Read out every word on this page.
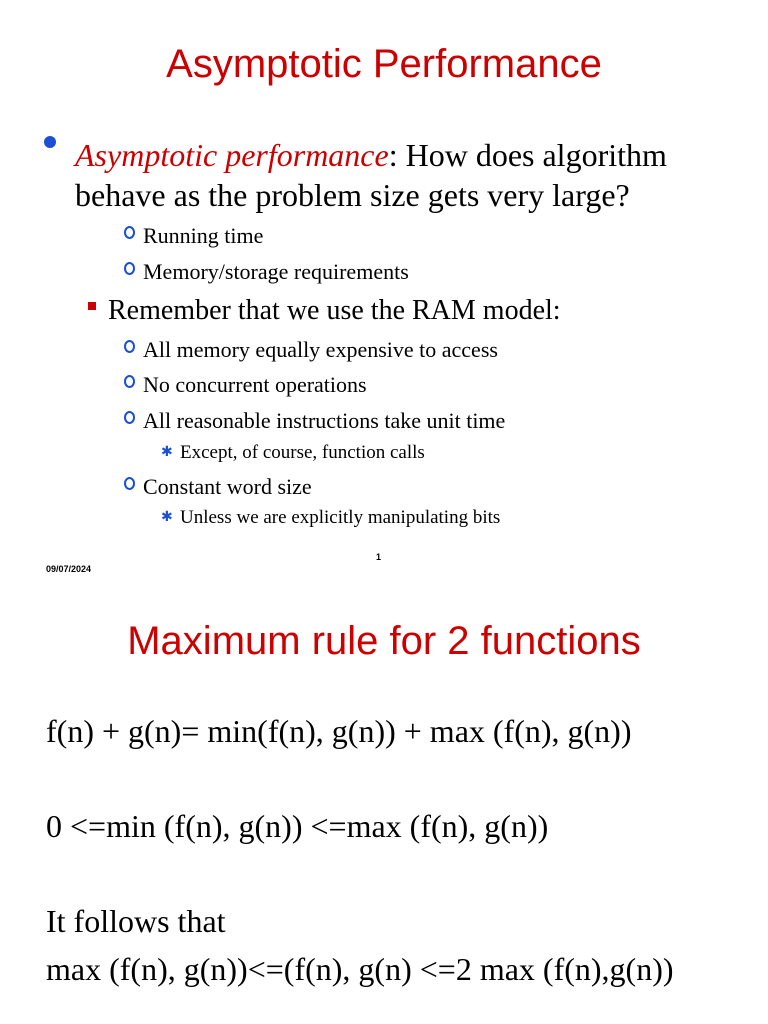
Asymptotic Performance
Asymptotic performance: How does algorithm
behave as the problem size gets very large?
Running time
Memory/storage requirements
Remember that we use the RAM model:
All memory equally expensive to access
No concurrent operations
All reasonable instructions take unit time
✱ Except, of course, function calls
Constant word size
✱ Unless we are explicitly manipulating bits
1
09/07/2024
Maximum rule for 2 functions
f(n) + g(n)= min(f(n), g(n)) + max (f(n), g(n))
0 <=min (f(n), g(n)) <=max (f(n), g(n))
It follows that
max (f(n), g(n))<=(f(n), g(n) <=2 max (f(n),g(n))
